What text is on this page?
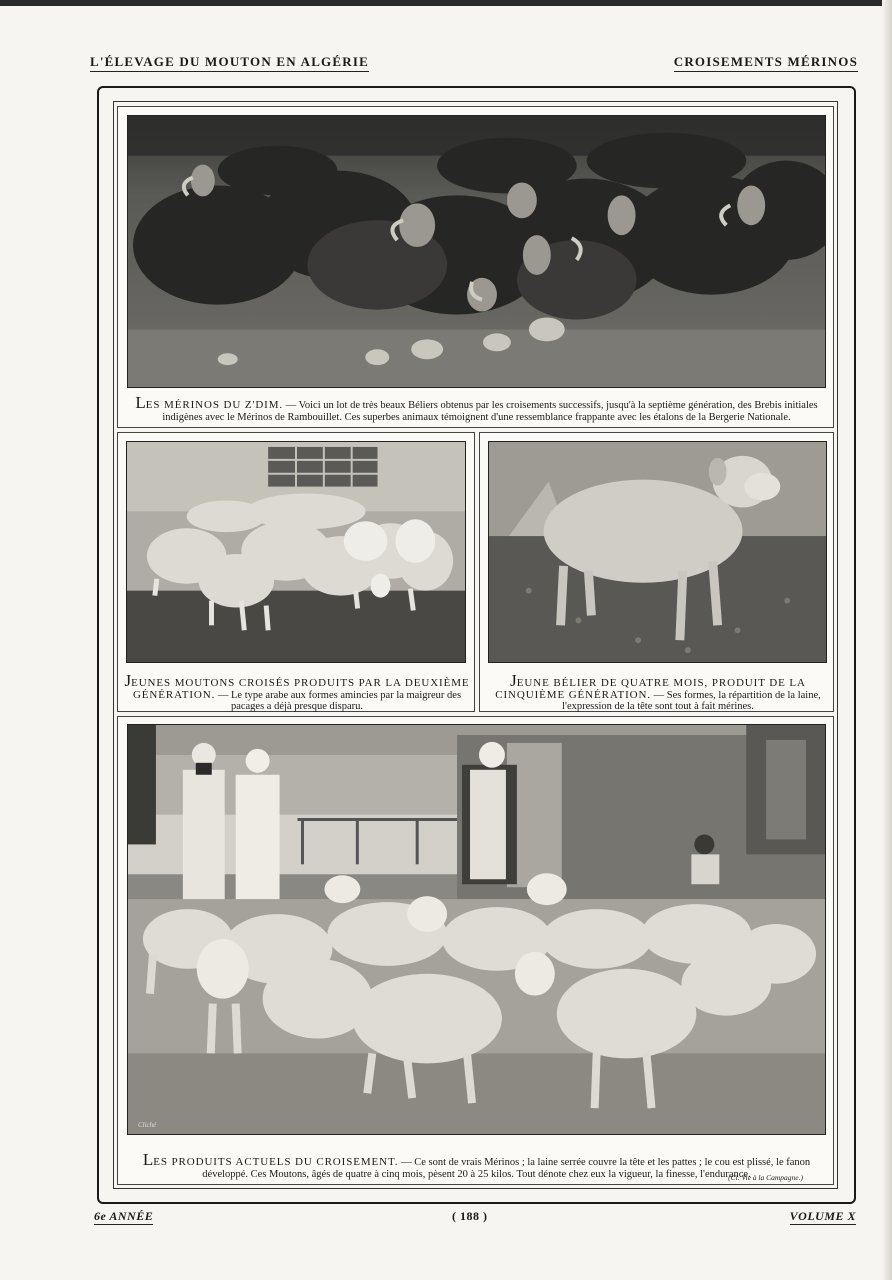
L'ÉLEVAGE DU MOUTON EN ALGÉRIE	CROISEMENTS MÉRINOS
LES MÉRINOS DU Z'DIM. — Voici un lot de très beaux Béliers obtenus par les croisements successifs, jusqu'à la septième génération, des Brebis initiales indigènes avec le Mérinos de Rambouillet. Ces superbes animaux témoignent d'une ressemblance frappante avec les étalons de la Bergerie Nationale.
JEUNES MOUTONS CROISÉS PRODUITS PAR LA DEUXIÈME GÉNÉRATION. — Le type arabe aux formes amincies par la maigreur des pacages a déjà presque disparu.
JEUNE BÉLIER DE QUATRE MOIS, PRODUIT DE LA CINQUIÈME GÉNÉRATION. — Ses formes, la répartition de la laine, l'expression de la tête sont tout à fait mérines.
Cliché
LES PRODUITS ACTUELS DU CROISEMENT. — Ce sont de vrais Mérinos ; la laine serrée couvre la tête et les pattes ; le cou est plissé, le fanon développé. Ces Moutons, âgés de quatre à cinq mois, pèsent 20 à 25 kilos. Tout dénote chez eux la vigueur, la finesse, l'endurance.
(Cl. Vie à la Campagne.)
6e ANNÉE	( 188 )	VOLUME X
